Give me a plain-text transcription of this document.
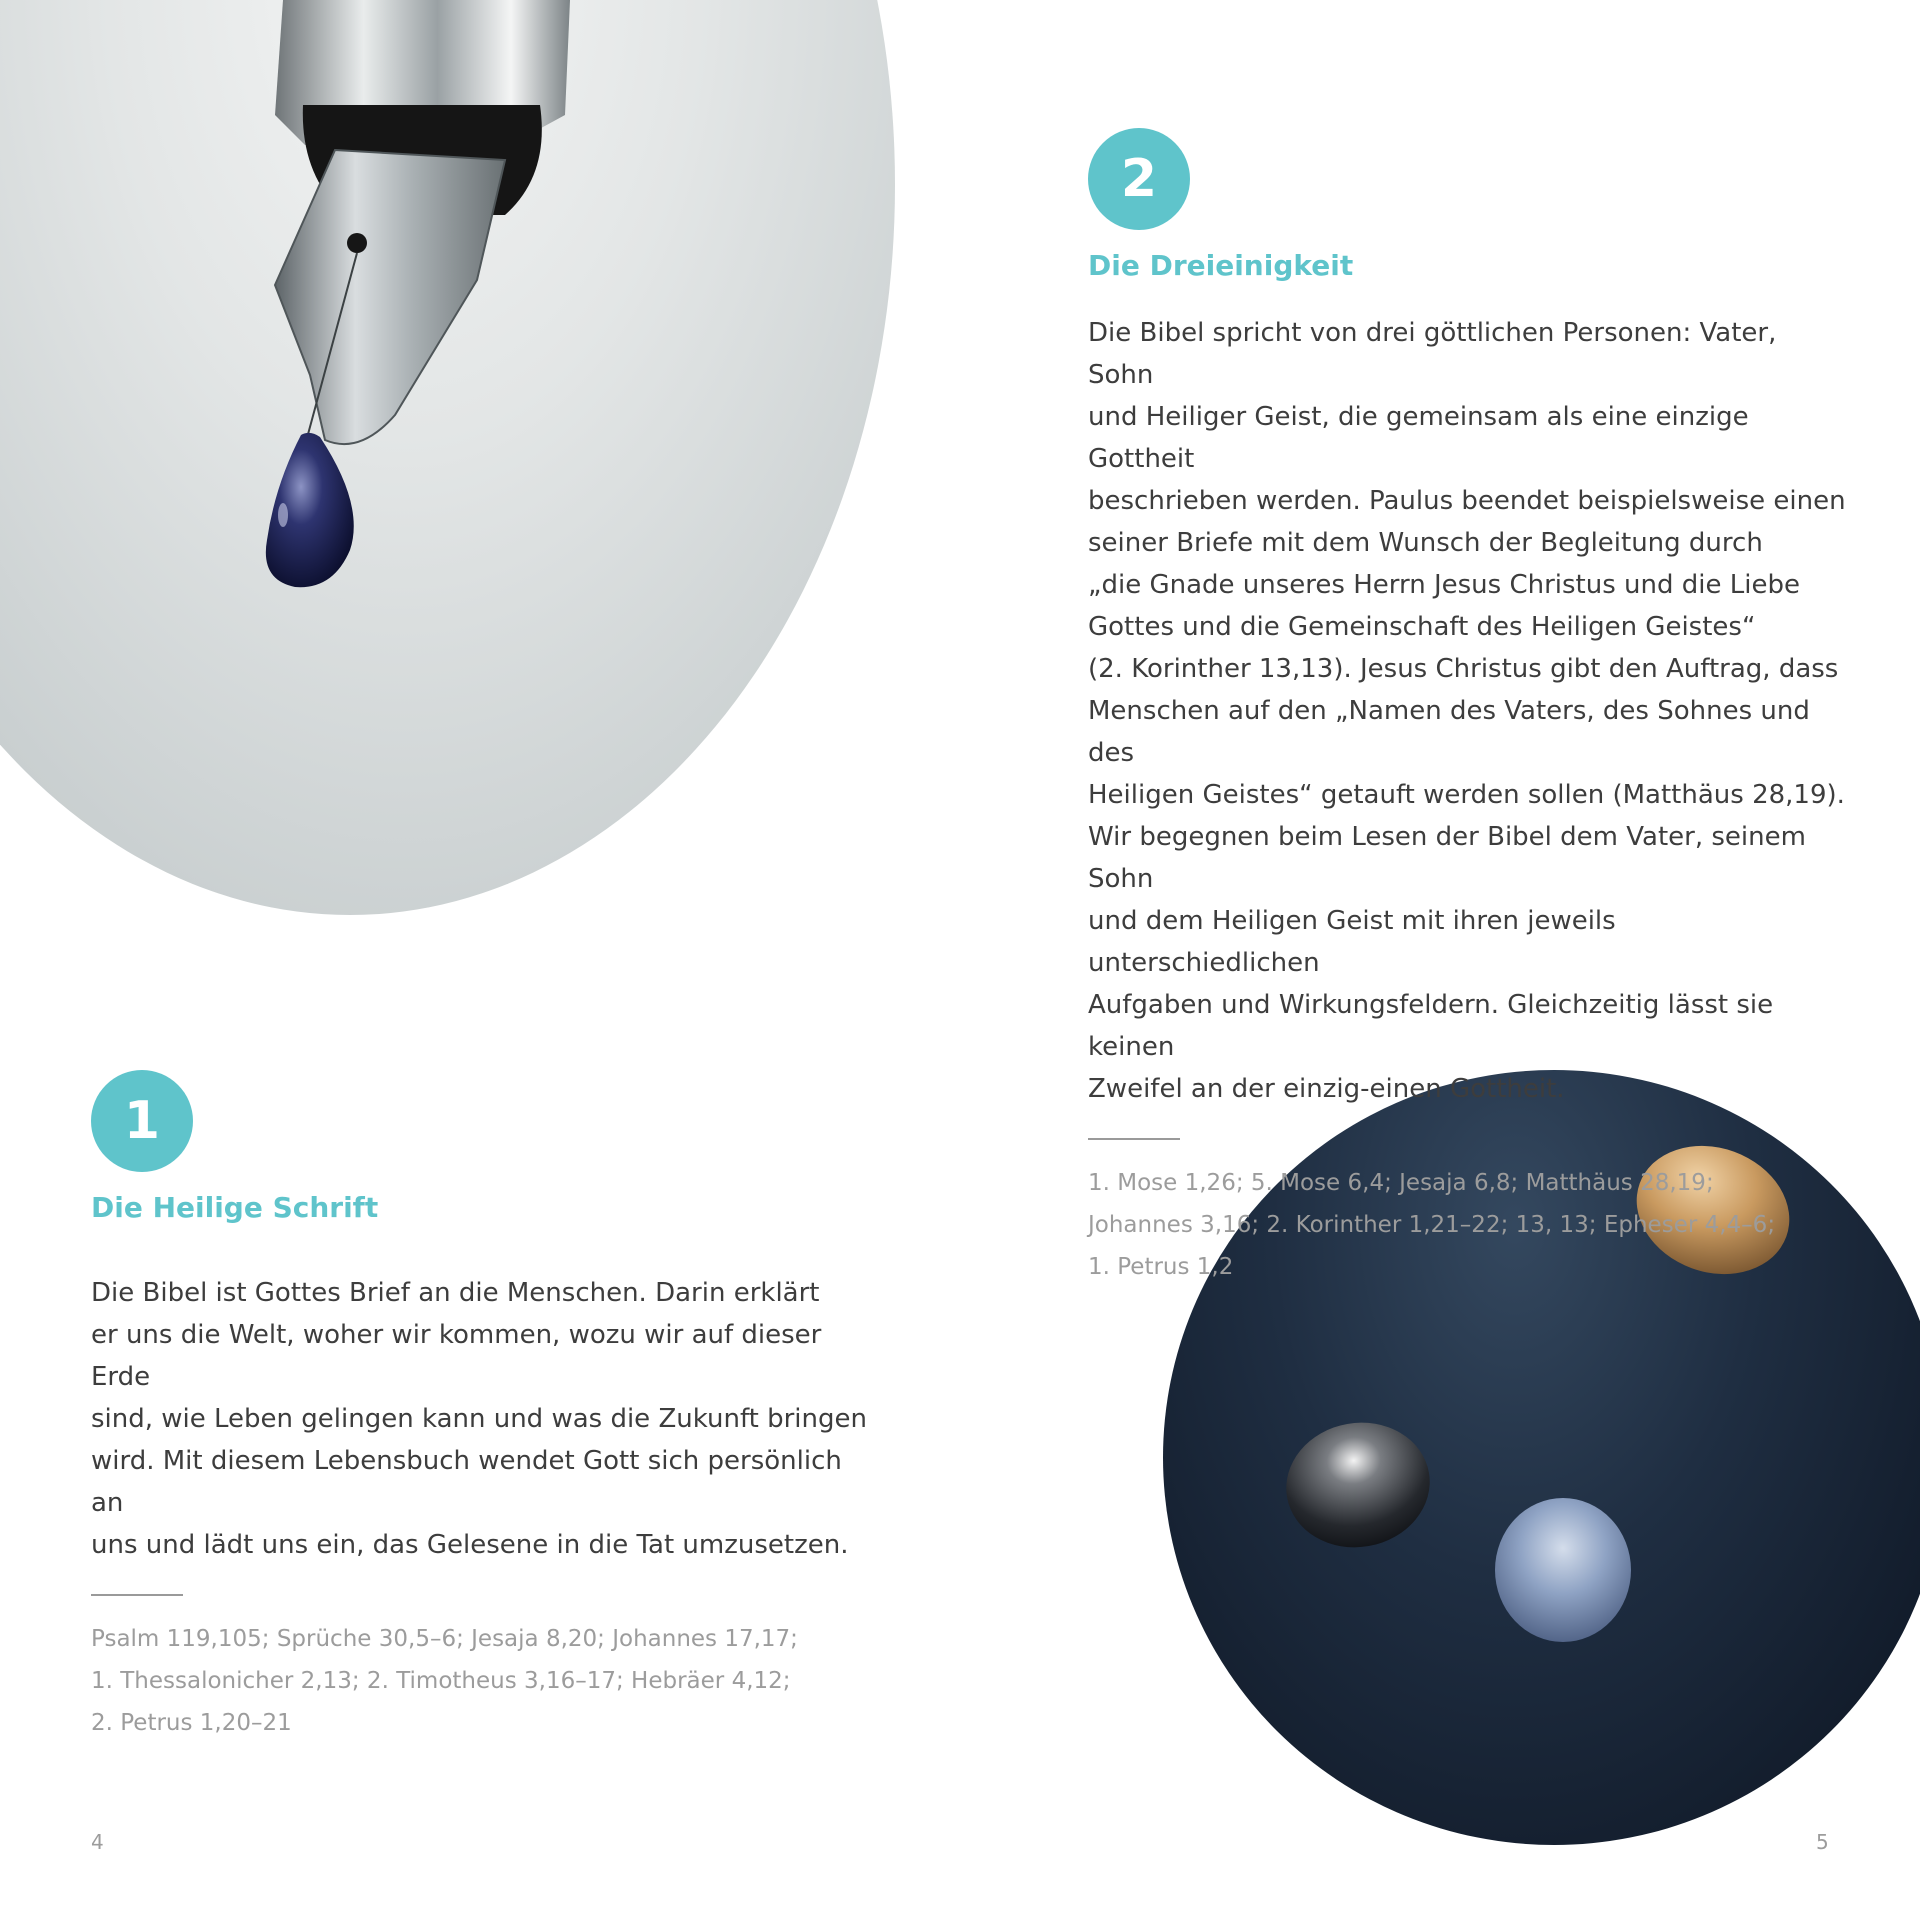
2
Die Dreieinigkeit
Die Bibel spricht von drei göttlichen Personen: Vater, Sohn
und Heiliger Geist, die gemeinsam als eine einzige Gottheit
beschrieben werden. Paulus beendet beispielsweise einen
seiner Briefe mit dem Wunsch der Begleitung durch
„die Gnade unseres Herrn Jesus Christus und die Liebe
Gottes und die Gemeinschaft des Heiligen Geistes“
(2. Korinther 13,13). Jesus Christus gibt den Auftrag, dass
Menschen auf den „Namen des Vaters, des Sohnes und des
Heiligen Geistes“ getauft werden sollen (Matthäus 28,19).
Wir begegnen beim Lesen der Bibel dem Vater, seinem Sohn
und dem Heiligen Geist mit ihren jeweils unterschiedlichen
Aufgaben und Wirkungsfeldern. Gleichzeitig lässt sie keinen
Zweifel an der einzig-einen Gottheit.
1. Mose 1,26; 5. Mose 6,4; Jesaja 6,8; Matthäus 28,19;
Johannes 3,16; 2. Korinther 1,21–22; 13, 13; Epheser 4,4–6;
1. Petrus 1,2
1
Die Heilige Schrift
Die Bibel ist Gottes Brief an die Menschen. Darin erklärt
er uns die Welt, woher wir kommen, wozu wir auf dieser Erde
sind, wie Leben gelingen kann und was die Zukunft bringen
wird. Mit diesem Lebensbuch wendet Gott sich persönlich an
uns und lädt uns ein, das Gelesene in die Tat umzusetzen.
Psalm 119,105; Sprüche 30,5–6; Jesaja 8,20; Johannes 17,17;
1. Thessalonicher 2,13; 2. Timotheus 3,16–17; Hebräer 4,12;
2. Petrus 1,20–21
4	5
